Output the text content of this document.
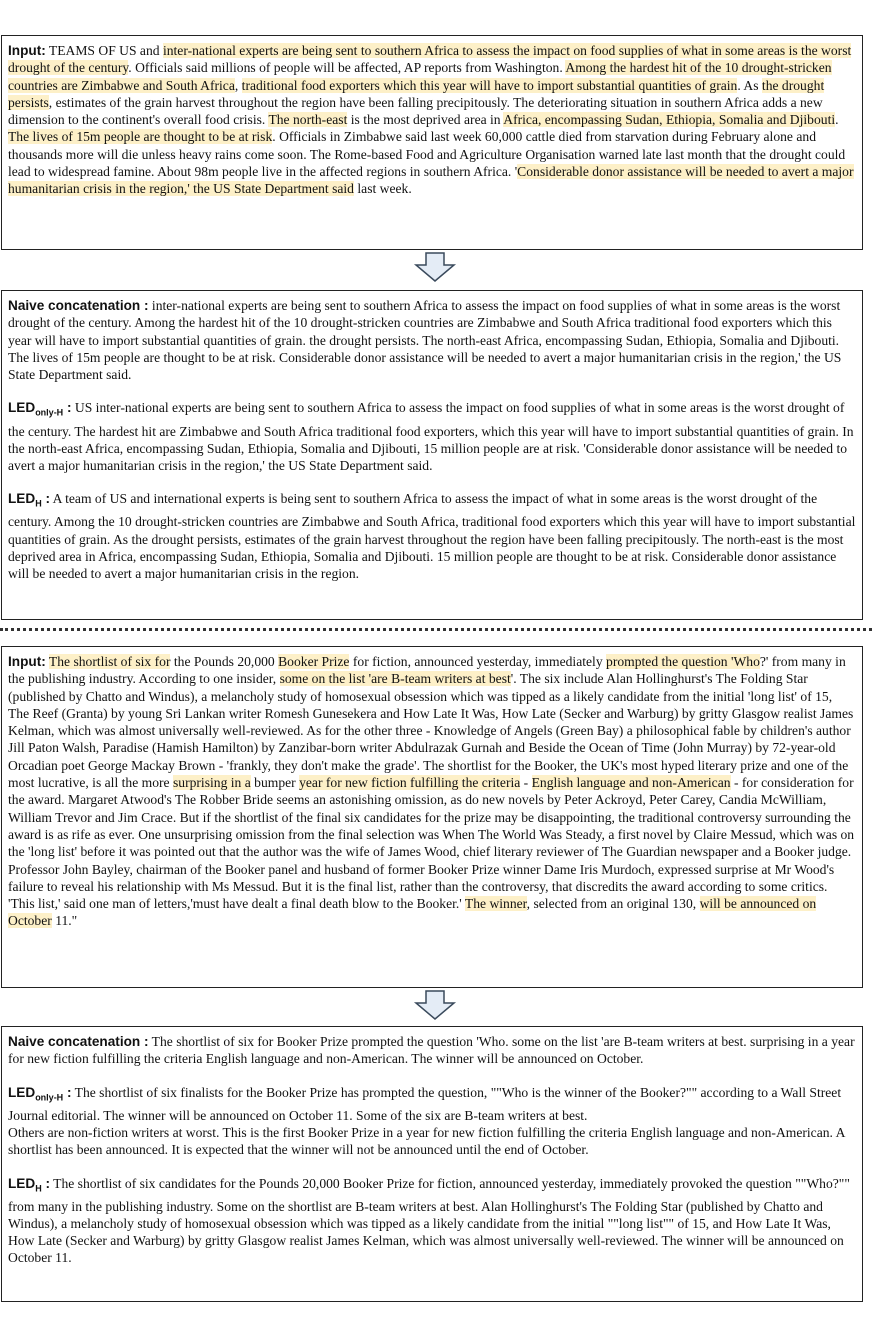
Input: TEAMS OF US and inter-national experts are being sent to southern Africa to assess the impact on food supplies of what in some areas is the worst drought of the century. Officials said millions of people will be affected, AP reports from Washington. Among the hardest hit of the 10 drought-stricken countries are Zimbabwe and South Africa, traditional food exporters which this year will have to import substantial quantities of grain. As the drought persists, estimates of the grain harvest throughout the region have been falling precipitously. The deteriorating situation in southern Africa adds a new dimension to the continent's overall food crisis. The north-east is the most deprived area in Africa, encompassing Sudan, Ethiopia, Somalia and Djibouti. The lives of 15m people are thought to be at risk. Officials in Zimbabwe said last week 60,000 cattle died from starvation during February alone and thousands more will die unless heavy rains come soon. The Rome-based Food and Agriculture Organisation warned late last month that the drought could lead to widespread famine. About 98m people live in the affected regions in southern Africa. 'Considerable donor assistance will be needed to avert a major humanitarian crisis in the region,' the US State Department said last week.

Naive concatenation : inter-national experts are being sent to southern Africa to assess the impact on food supplies of what in some areas is the worst drought of the century. Among the hardest hit of the 10 drought-stricken countries are Zimbabwe and South Africa traditional food exporters which this year will have to import substantial quantities of grain. the drought persists. The north-east Africa, encompassing Sudan, Ethiopia, Somalia and Djibouti. The lives of 15m people are thought to be at risk. Considerable donor assistance will be needed to avert a major humanitarian crisis in the region,' the US State Department said.

$LED_{only-H}$ : US inter-national experts are being sent to southern Africa to assess the impact on food supplies of what in some areas is the worst drought of the century. The hardest hit are Zimbabwe and South Africa traditional food exporters, which this year will have to import substantial quantities of grain. In the north-east Africa, encompassing Sudan, Ethiopia, Somalia and Djibouti, 15 million people are at risk. 'Considerable donor assistance will be needed to avert a major humanitarian crisis in the region,' the US State Department said.

$LED_H$ : A team of US and international experts is being sent to southern Africa to assess the impact of what in some areas is the worst drought of the century. Among the 10 drought-stricken countries are Zimbabwe and South Africa, traditional food exporters which this year will have to import substantial quantities of grain. As the drought persists, estimates of the grain harvest throughout the region have been falling precipitously. The north-east is the most deprived area in Africa, encompassing Sudan, Ethiopia, Somalia and Djibouti. 15 million people are thought to be at risk. Considerable donor assistance will be needed to avert a major humanitarian crisis in the region.

Input: The shortlist of six for the Pounds 20,000 Booker Prize for fiction, announced yesterday, immediately prompted the question 'Who?' from many in the publishing industry. According to one insider, some on the list 'are B-team writers at best'. The six include Alan Hollinghurst's The Folding Star (published by Chatto and Windus), a melancholy study of homosexual obsession which was tipped as a likely candidate from the initial 'long list' of 15, The Reef (Granta) by young Sri Lankan writer Romesh Gunesekera and How Late It Was, How Late (Secker and Warburg) by gritty Glasgow realist James Kelman, which was almost universally well-reviewed. As for the other three - Knowledge of Angels (Green Bay) a philosophical fable by children's author Jill Paton Walsh, Paradise (Hamish Hamilton) by Zanzibar-born writer Abdulrazak Gurnah and Beside the Ocean of Time (John Murray) by 72-year-old Orcadian poet George Mackay Brown - 'frankly, they don't make the grade'. The shortlist for the Booker, the UK's most hyped literary prize and one of the most lucrative, is all the more surprising in a bumper year for new fiction fulfilling the criteria - English language and non-American - for consideration for the award. Margaret Atwood's The Robber Bride seems an astonishing omission, as do new novels by Peter Ackroyd, Peter Carey, Candia McWilliam, William Trevor and Jim Crace. But if the shortlist of the final six candidates for the prize may be disappointing, the traditional controversy surrounding the award is as rife as ever. One unsurprising omission from the final selection was When The World Was Steady, a first novel by Claire Messud, which was on the 'long list' before it was pointed out that the author was the wife of James Wood, chief literary reviewer of The Guardian newspaper and a Booker judge. Professor John Bayley, chairman of the Booker panel and husband of former Booker Prize winner Dame Iris Murdoch, expressed surprise at Mr Wood's failure to reveal his relationship with Ms Messud. But it is the final list, rather than the controversy, that discredits the award according to some critics. 'This list,' said one man of letters,'must have dealt a final death blow to the Booker.' The winner, selected from an original 130, will be announced on October 11."

Naive concatenation : The shortlist of six for Booker Prize prompted the question 'Who. some on the list 'are B-team writers at best. surprising in a year for new fiction fulfilling the criteria English language and non-American. The winner will be announced on October.

$LED_{only-H}$ : The shortlist of six finalists for the Booker Prize has prompted the question, ""Who is the winner of the Booker?"" according to a Wall Street Journal editorial. The winner will be announced on October 11. Some of the six are B-team writers at best.
Others are non-fiction writers at worst. This is the first Booker Prize in a year for new fiction fulfilling the criteria English language and non-American. A shortlist has been announced. It is expected that the winner will not be announced until the end of October.

$LED_H$ : The shortlist of six candidates for the Pounds 20,000 Booker Prize for fiction, announced yesterday, immediately provoked the question ""Who?"" from many in the publishing industry. Some on the shortlist are B-team writers at best. Alan Hollinghurst's The Folding Star (published by Chatto and Windus), a melancholy study of homosexual obsession which was tipped as a likely candidate from the initial ""long list"" of 15, and How Late It Was, How Late (Secker and Warburg) by gritty Glasgow realist James Kelman, which was almost universally well-reviewed. The winner will be announced on October 11.
